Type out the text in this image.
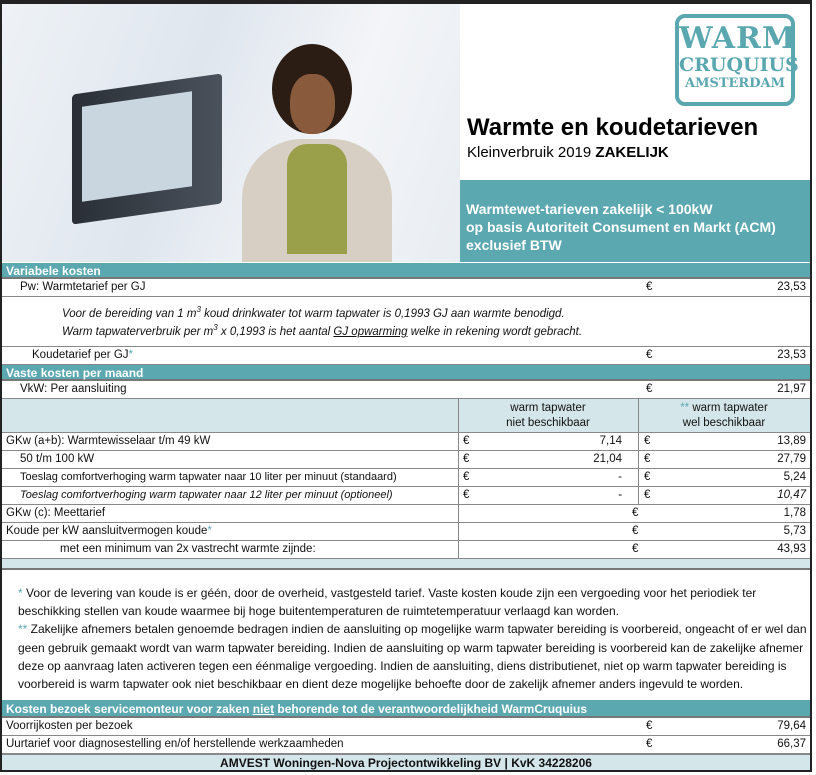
WARM
CRUQUIUS
AMSTERDAM
Warmte en koudetarieven
Kleinverbruik 2019 ZAKELIJK
Warmtewet-tarieven zakelijk < 100kW
op basis Autoriteit Consument en Markt (ACM)
exclusief BTW
Variabele kosten
Pw: Warmtetarief per GJ	€	23,53
Voor de bereiding van 1 $m^3$ koud drinkwater tot warm tapwater is 0,1993 GJ aan warmte benodigd.
Warm tapwaterverbruik per $m^3$ x 0,1993 is het aantal GJ opwarming welke in rekening wordt gebracht.
Koudetarief per GJ*	€	23,53
Vaste kosten per maand
VkW: Per aansluiting	€	21,97
warm tapwater
niet beschikbaar
** warm tapwater
wel beschikbaar
GKw (a+b): Warmtewisselaar t/m 49 kW	€	7,14 €	13,89
50 t/m 100 kW	€	21,04 €	27,79
Toeslag comfortverhoging warm tapwater naar 10 liter per minuut (standaard)	€	- €	5,24
Toeslag comfortverhoging warm tapwater naar 12 liter per minuut (optioneel)	€	- €	10,47
GKw (c): Meettarief	€	1,78
Koude per kW aansluitvermogen koude*	€	5,73
met een minimum van 2x vastrecht warmte zijnde:	€	43,93
* Voor de levering van koude is er géén, door de overheid, vastgesteld tarief. Vaste kosten koude zijn een vergoeding voor het periodiek ter beschikking stellen van koude waarmee bij hoge buitentemperaturen de ruimtetemperatuur verlaagd kan worden.
** Zakelijke afnemers betalen genoemde bedragen indien de aansluiting op mogelijke warm tapwater bereiding is voorbereid, ongeacht of er wel dan geen gebruik gemaakt wordt van warm tapwater bereiding. Indien de aansluiting op warm tapwater bereiding is voorbereid kan de zakelijke afnemer deze op aanvraag laten activeren tegen een éénmalige vergoeding. Indien de aansluiting, diens distributienet, niet op warm tapwater bereiding is voorbereid is warm tapwater ook niet beschikbaar en dient deze mogelijke behoefte door de zakelijk afnemer anders ingevuld te worden.
Kosten bezoek servicemonteur voor zaken niet behorende tot de verantwoordelijkheid WarmCruquius
Voorrijkosten per bezoek	€	79,64
Uurtarief voor diagnosestelling en/of herstellende werkzaamheden	€	66,37
AMVEST Woningen-Nova Projectontwikkeling BV | KvK 34228206
